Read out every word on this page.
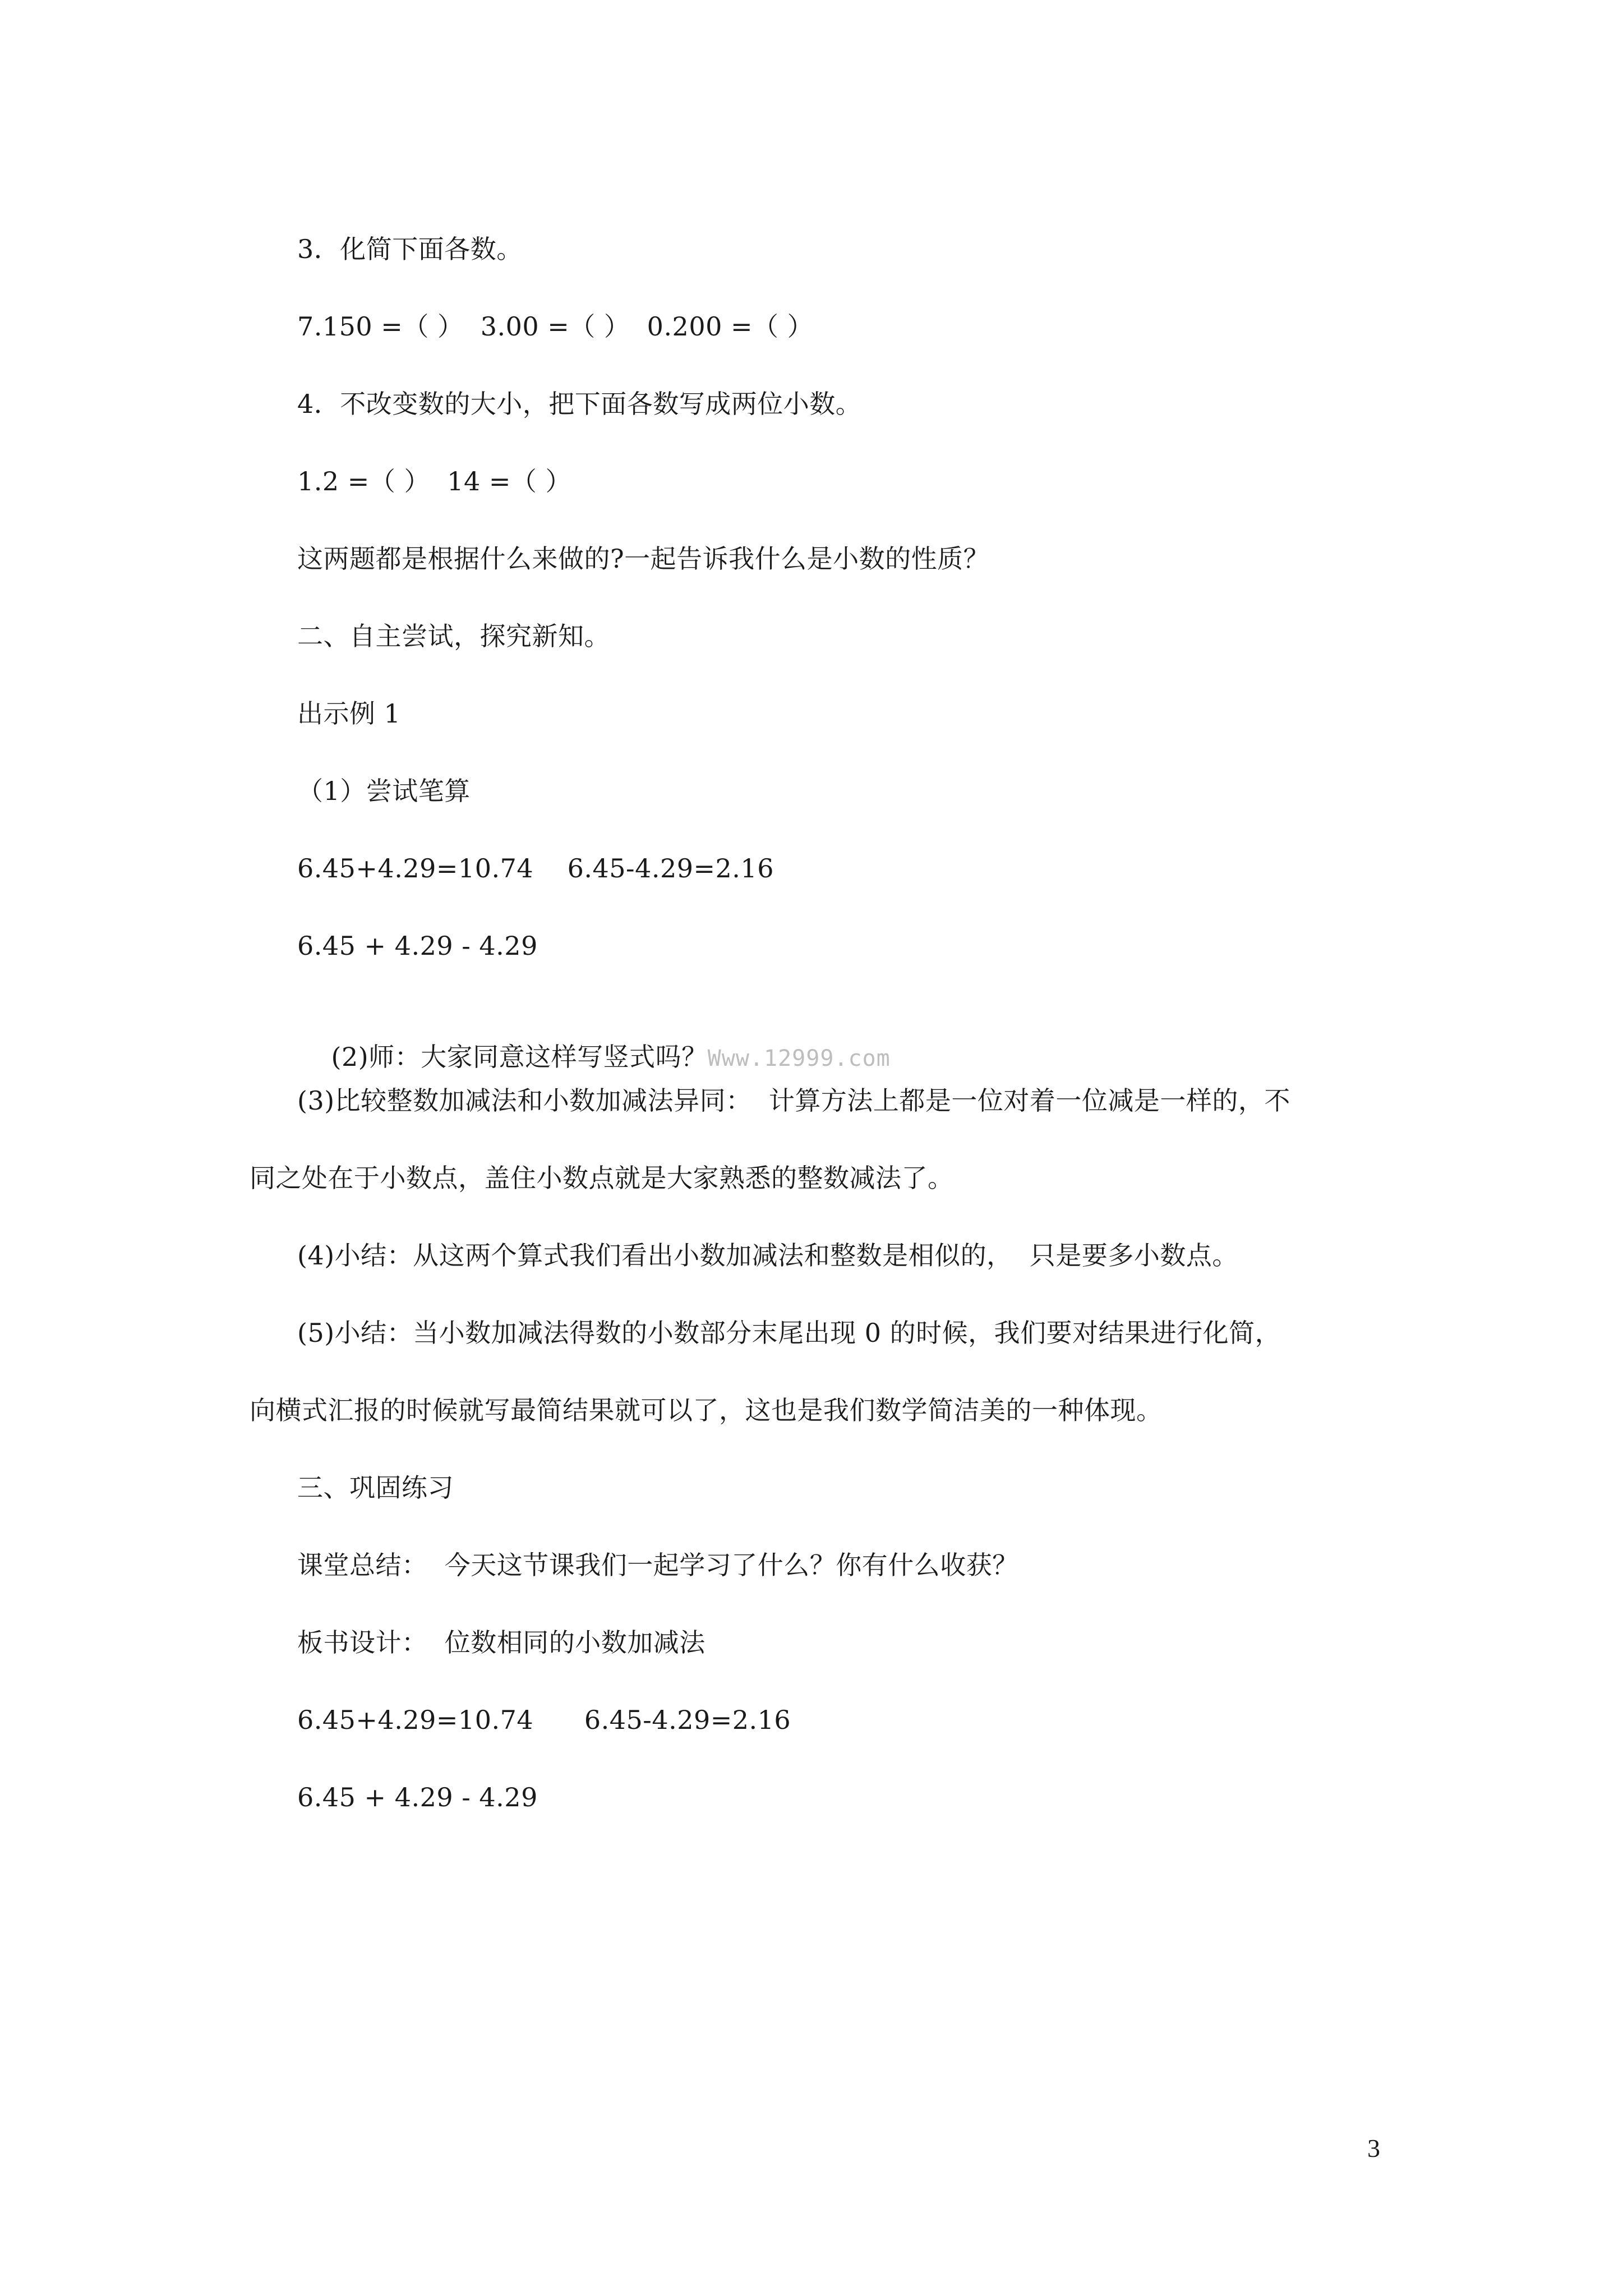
3．化简下面各数。
7.150 =（ ）  3.00 =（ ）  0.200 =（ ）
4．不改变数的大小，把下面各数写成两位小数。
1.2 =（ ）  14 =（ ）
这两题都是根据什么来做的?一起告诉我什么是小数的性质？
二、自主尝试，探究新知。
出示例 1
（1）尝试笔算
6.45+4.29=10.74    6.45-4.29=2.16
6.45 + 4.29 - 4.29

(2)师：大家同意这样写竖式吗？Www.12999.com

(3)比较整数加减法和小数加减法异同：  计算方法上都是一位对着一位减是一样的，不
同之处在于小数点，盖住小数点就是大家熟悉的整数减法了。
(4)小结：从这两个算式我们看出小数加减法和整数是相似的，  只是要多小数点。
(5)小结：当小数加减法得数的小数部分末尾出现 0 的时候，我们要对结果进行化简，
向横式汇报的时候就写最简结果就可以了，这也是我们数学简洁美的一种体现。
三、巩固练习
课堂总结：  今天这节课我们一起学习了什么？你有什么收获？
板书设计：  位数相同的小数加减法
6.45+4.29=10.74      6.45-4.29=2.16
6.45 + 4.29 - 4.29
3
